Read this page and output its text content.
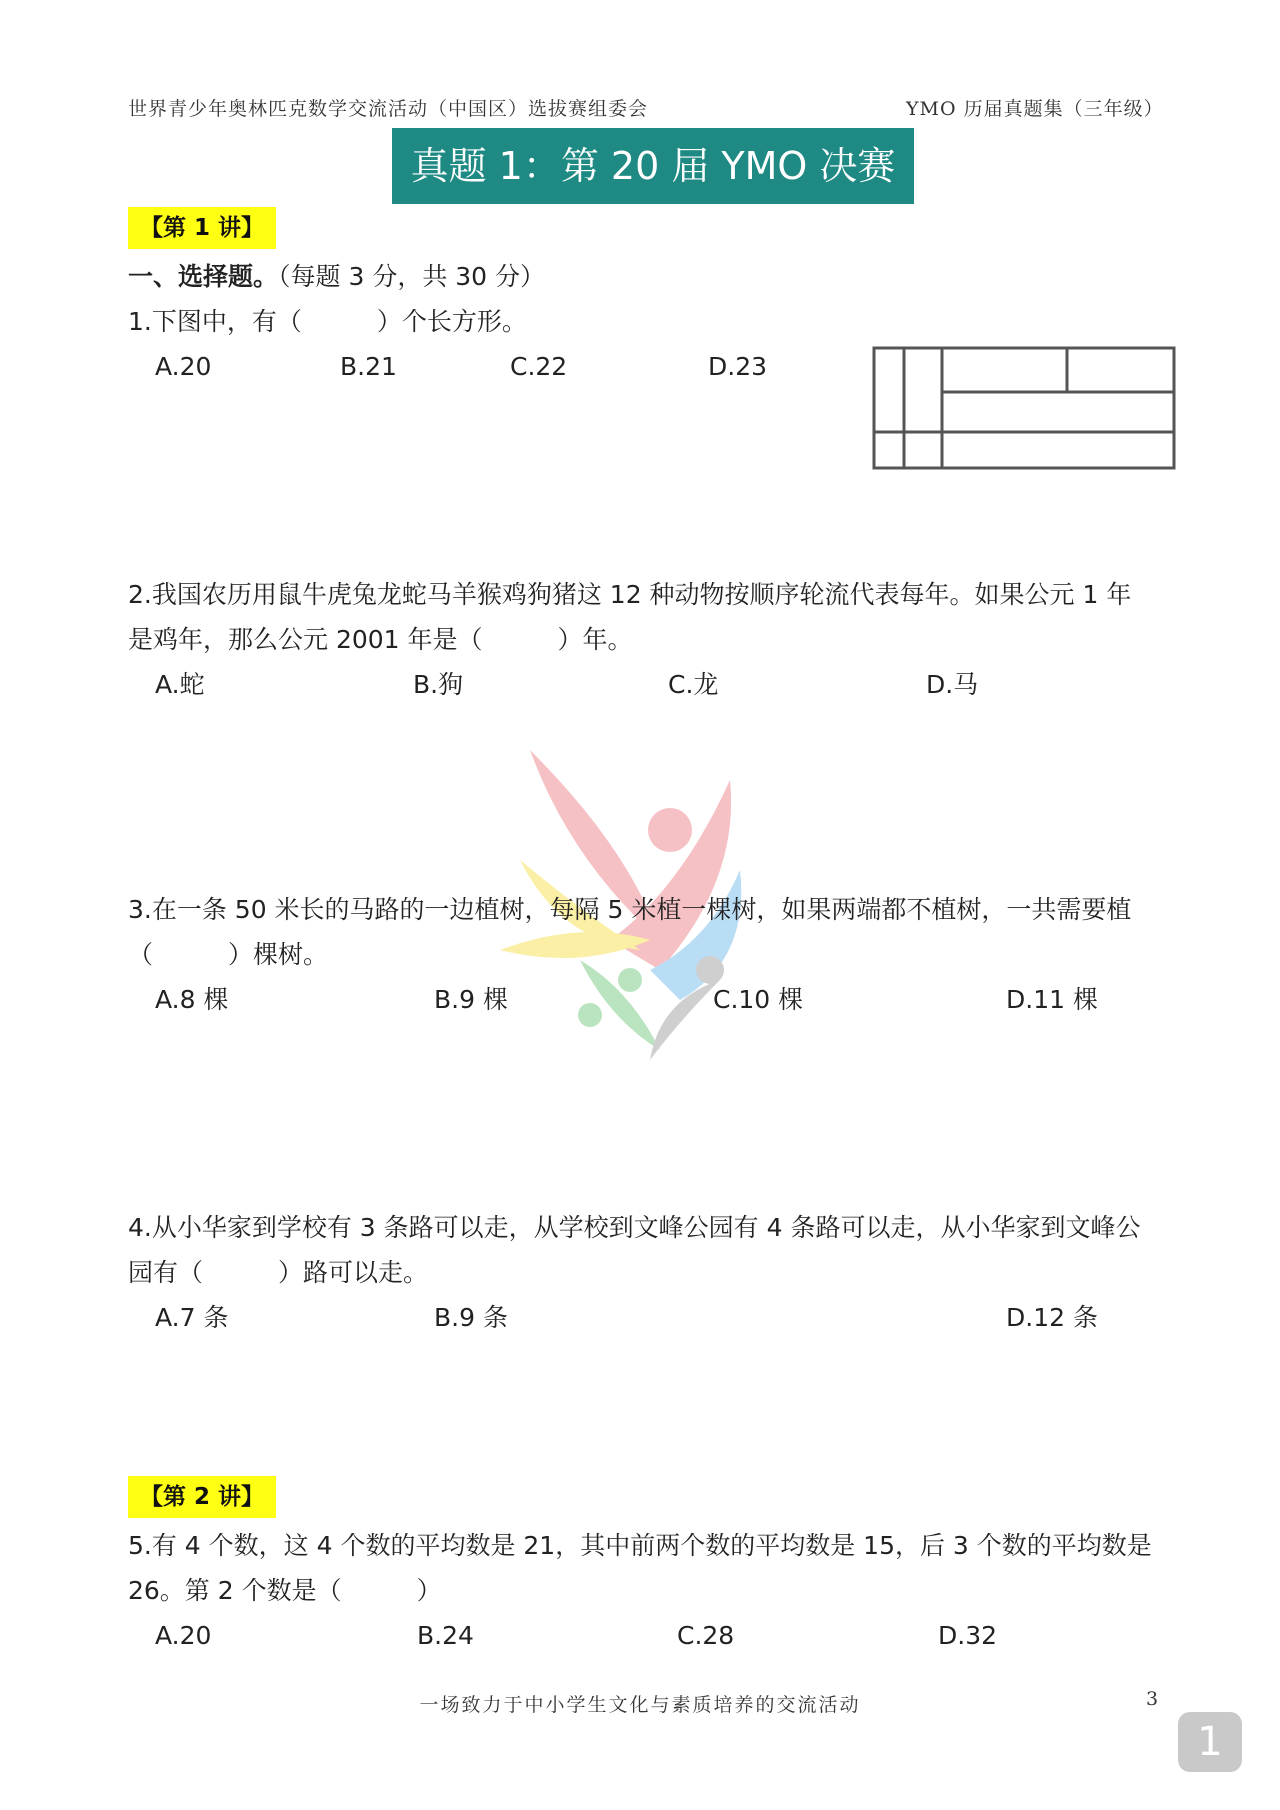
世界青少年奥林匹克数学交流活动（中国区）选拔赛组委会	YMO 历届真题集（三年级）
真题 1：第 20 届 YMO 决赛
【第 1 讲】
一、选择题。（每题 3 分，共 30 分）
1.下图中，有（　　　）个长方形。
A.20	B.21	C.22	D.23
2.我国农历用鼠牛虎兔龙蛇马羊猴鸡狗猪这 12 种动物按顺序轮流代表每年。如果公元 1 年
是鸡年，那么公元 2001 年是（　　　）年。
A.蛇	B.狗	C.龙	D.马
3.在一条 50 米长的马路的一边植树，每隔 5 米植一棵树，如果两端都不植树，一共需要植
（　　　）棵树。
A.8 棵	B.9 棵	C.10 棵	D.11 棵
4.从小华家到学校有 3 条路可以走，从学校到文峰公园有 4 条路可以走，从小华家到文峰公
园有（　　　）路可以走。
A.7 条	B.9 条	D.12 条
【第 2 讲】
5.有 4 个数，这 4 个数的平均数是 21，其中前两个数的平均数是 15，后 3 个数的平均数是
26。第 2 个数是（　　　）
A.20	B.24	C.28	D.32
一场致力于中小学生文化与素质培养的交流活动	3
1
